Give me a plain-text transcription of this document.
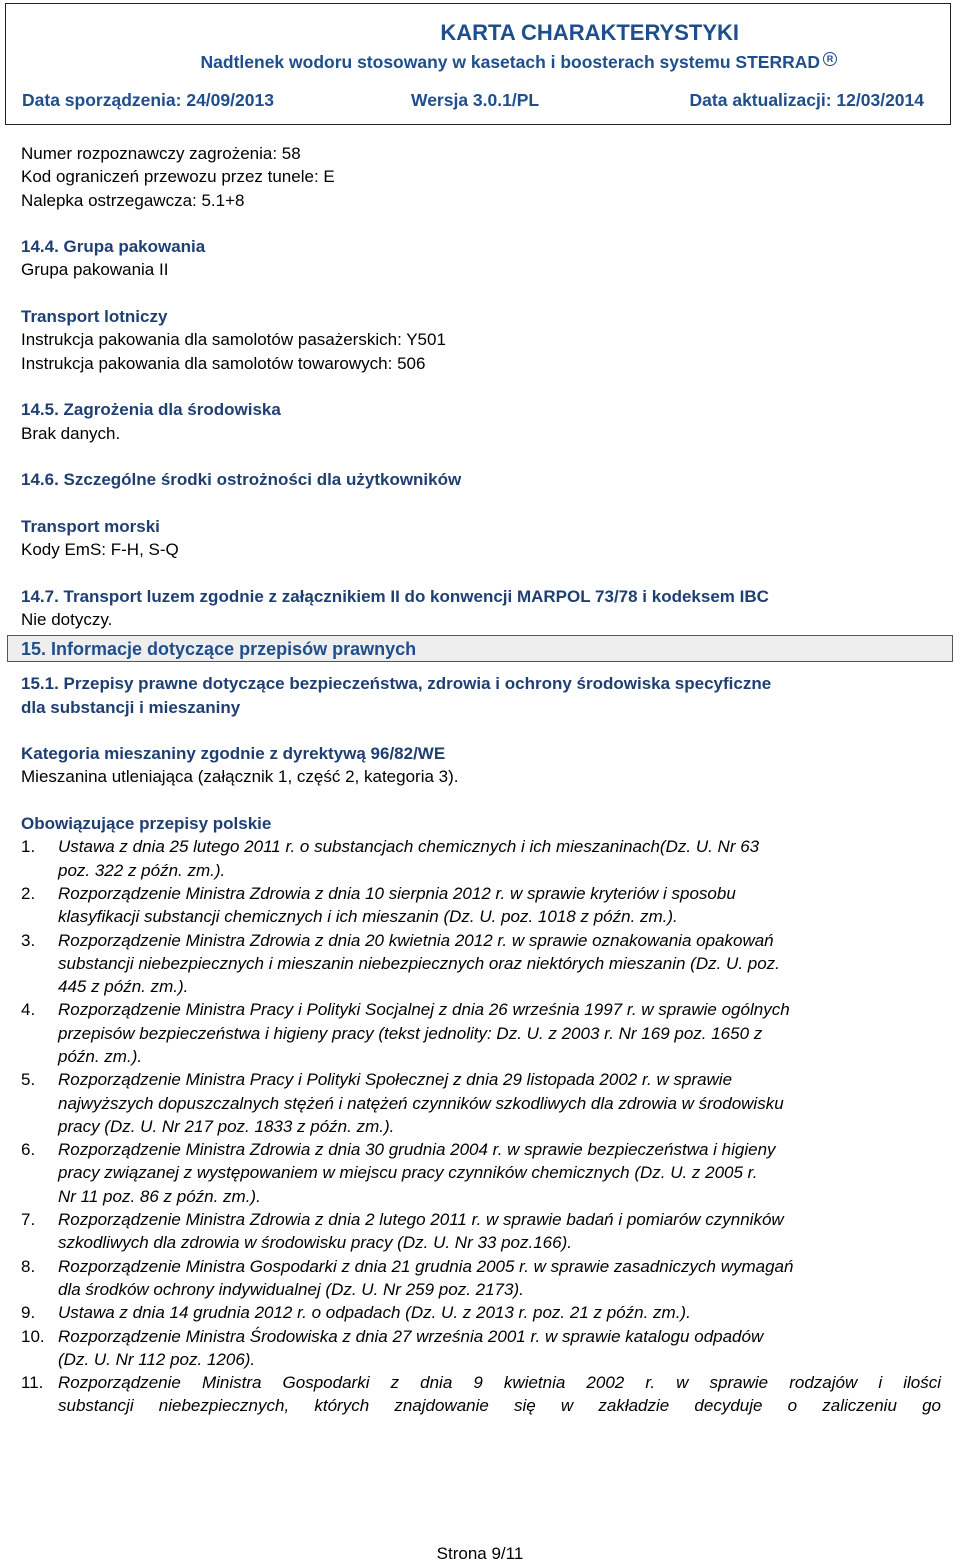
KARTA CHARAKTERYSTYKI
Nadtlenek wodoru stosowany w kasetach i boosterach systemu STERRAD R
Data sporządzenia: 24/09/2013	Wersja 3.0.1/PL	Data aktualizacji: 12/03/2014

Numer rozpoznawczy zagrożenia: 58

Kod ograniczeń przewozu przez tunele: E

Nalepka ostrzegawcza: 5.1+8

14.4. Grupa pakowania

Grupa pakowania II

Transport lotniczy

Instrukcja pakowania dla samolotów pasażerskich: Y501

Instrukcja pakowania dla samolotów towarowych: 506

14.5. Zagrożenia dla środowiska

Brak danych.

14.6. Szczególne środki ostrożności dla użytkowników

Transport morski

Kody EmS: F-H, S-Q

14.7. Transport luzem zgodnie z załącznikiem II do konwencji MARPOL 73/78 i kodeksem IBC

Nie dotyczy.

15. Informacje dotyczące przepisów prawnych

15.1. Przepisy prawne dotyczące bezpieczeństwa, zdrowia i ochrony środowiska specyficzne

dla substancji i mieszaniny

Kategoria mieszaniny zgodnie z dyrektywą 96/82/WE

Mieszanina utleniająca (załącznik 1, część 2, kategoria 3).

Obowiązujące przepisy polskie

1.	Ustawa z dnia 25 lutego 2011 r. o substancjach chemicznych i ich mieszaninach(Dz. U. Nr 63
poz. 322 z późn. zm.).
2.	Rozporządzenie Ministra Zdrowia z dnia 10 sierpnia 2012 r. w sprawie kryteriów i sposobu
klasyfikacji substancji chemicznych i ich mieszanin (Dz. U. poz. 1018 z późn. zm.).
3.	Rozporządzenie Ministra Zdrowia z dnia 20 kwietnia 2012 r. w sprawie oznakowania opakowań
substancji niebezpiecznych i mieszanin niebezpiecznych oraz niektórych mieszanin (Dz. U. poz.
445 z późn. zm.).
4.	Rozporządzenie Ministra Pracy i Polityki Socjalnej z dnia 26 września 1997 r. w sprawie ogólnych
przepisów bezpieczeństwa i higieny pracy (tekst jednolity: Dz. U. z 2003 r. Nr 169 poz. 1650 z
późn. zm.).
5.	Rozporządzenie Ministra Pracy i Polityki Społecznej z dnia 29 listopada 2002 r. w sprawie
najwyższych dopuszczalnych stężeń i natężeń czynników szkodliwych dla zdrowia w środowisku
pracy (Dz. U. Nr 217 poz. 1833 z późn. zm.).
6.	Rozporządzenie Ministra Zdrowia z dnia 30 grudnia 2004 r. w sprawie bezpieczeństwa i higieny
pracy związanej z występowaniem w miejscu pracy czynników chemicznych (Dz. U. z 2005 r.
Nr 11 poz. 86 z późn. zm.).
7.	Rozporządzenie Ministra Zdrowia z dnia 2 lutego 2011 r. w sprawie badań i pomiarów czynników
szkodliwych dla zdrowia w środowisku pracy (Dz. U. Nr 33 poz.166).
8.	Rozporządzenie Ministra Gospodarki z dnia 21 grudnia 2005 r. w sprawie zasadniczych wymagań
dla środków ochrony indywidualnej (Dz. U. Nr 259 poz. 2173).
9.	Ustawa z dnia 14 grudnia 2012 r. o odpadach (Dz. U. z 2013 r. poz. 21 z późn. zm.).
10. Rozporządzenie Ministra Środowiska z dnia 27 września 2001 r. w sprawie katalogu odpadów
(Dz. U. Nr 112 poz. 1206).
11. Rozporządzenie Ministra Gospodarki z dnia 9 kwietnia 2002 r. w sprawie rodzajów i ilości
substancji niebezpiecznych, których znajdowanie się w zakładzie decyduje o zaliczeniu go
Strona 9/11
